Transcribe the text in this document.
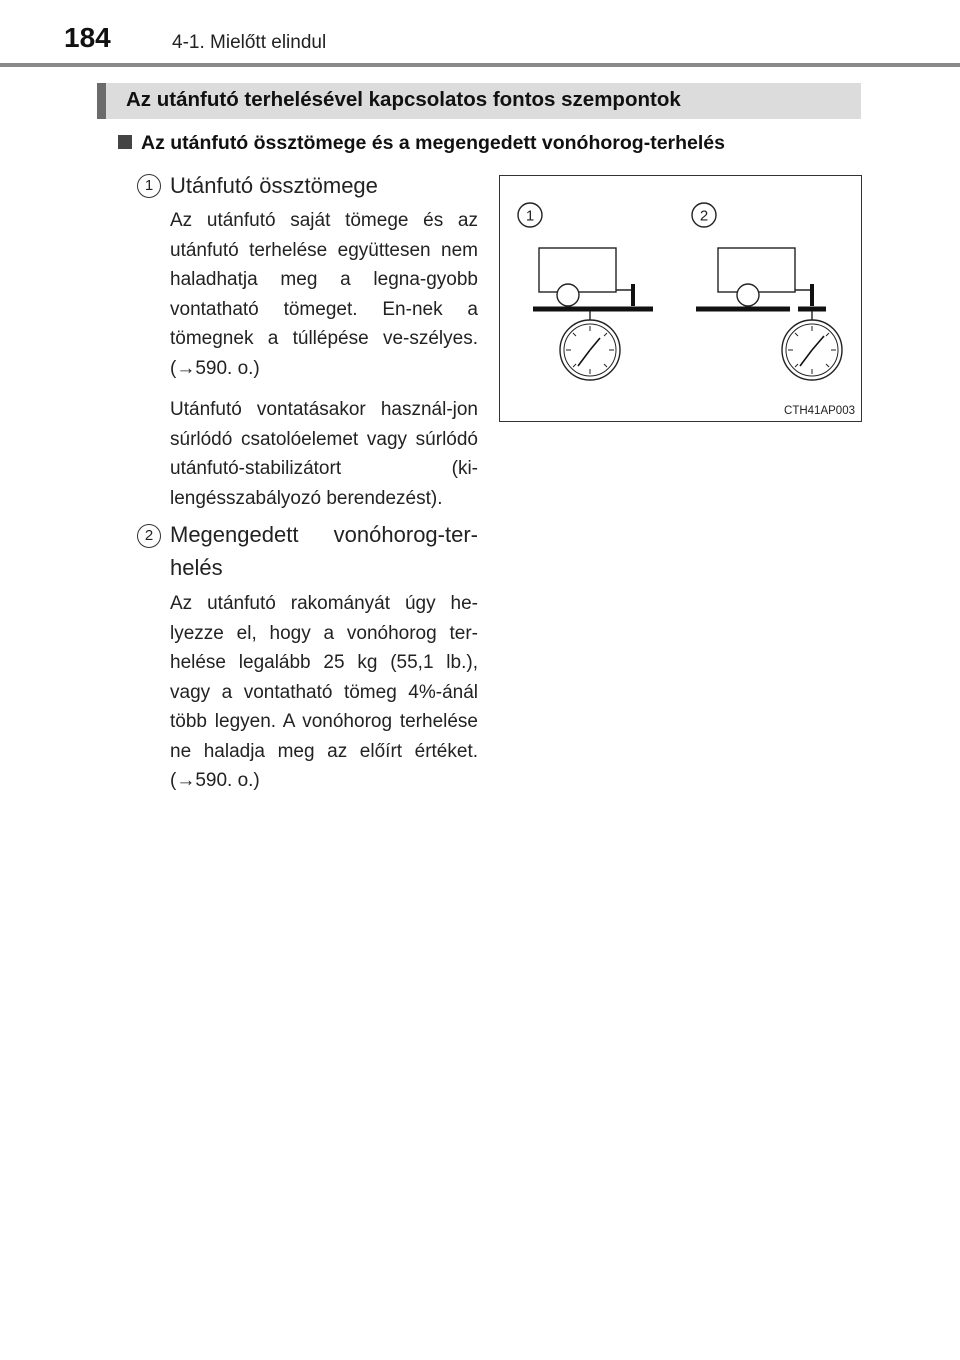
184	4-1. Mielőtt elindul
Az utánfutó terhelésével kapcsolatos fontos szempontok
Az utánfutó össztömege és a megengedett vonóhorog-terhelés
1 Utánfutó össztömege
Az utánfutó saját tömege és az utánfutó terhelése együttesen nem haladhatja meg a legna-gyobb vontatható tömeget. En-nek a tömegnek a túllépése ve-szélyes. (→590. o.)
Utánfutó vontatásakor használ-jon súrlódó csatolóelemet vagy súrlódó utánfutó-stabilizátort (ki-lengésszabályozó berendezést).
2 Megengedett vonóhorog-ter-helés
Az utánfutó rakományát úgy he-lyezze el, hogy a vonóhorog ter-helése legalább 25 kg (55,1 lb.), vagy a vontatható tömeg 4%-ánál több legyen. A vonóhorog terhelése ne haladja meg az előírt értéket. (→590. o.)
1	2
CTH41AP003
